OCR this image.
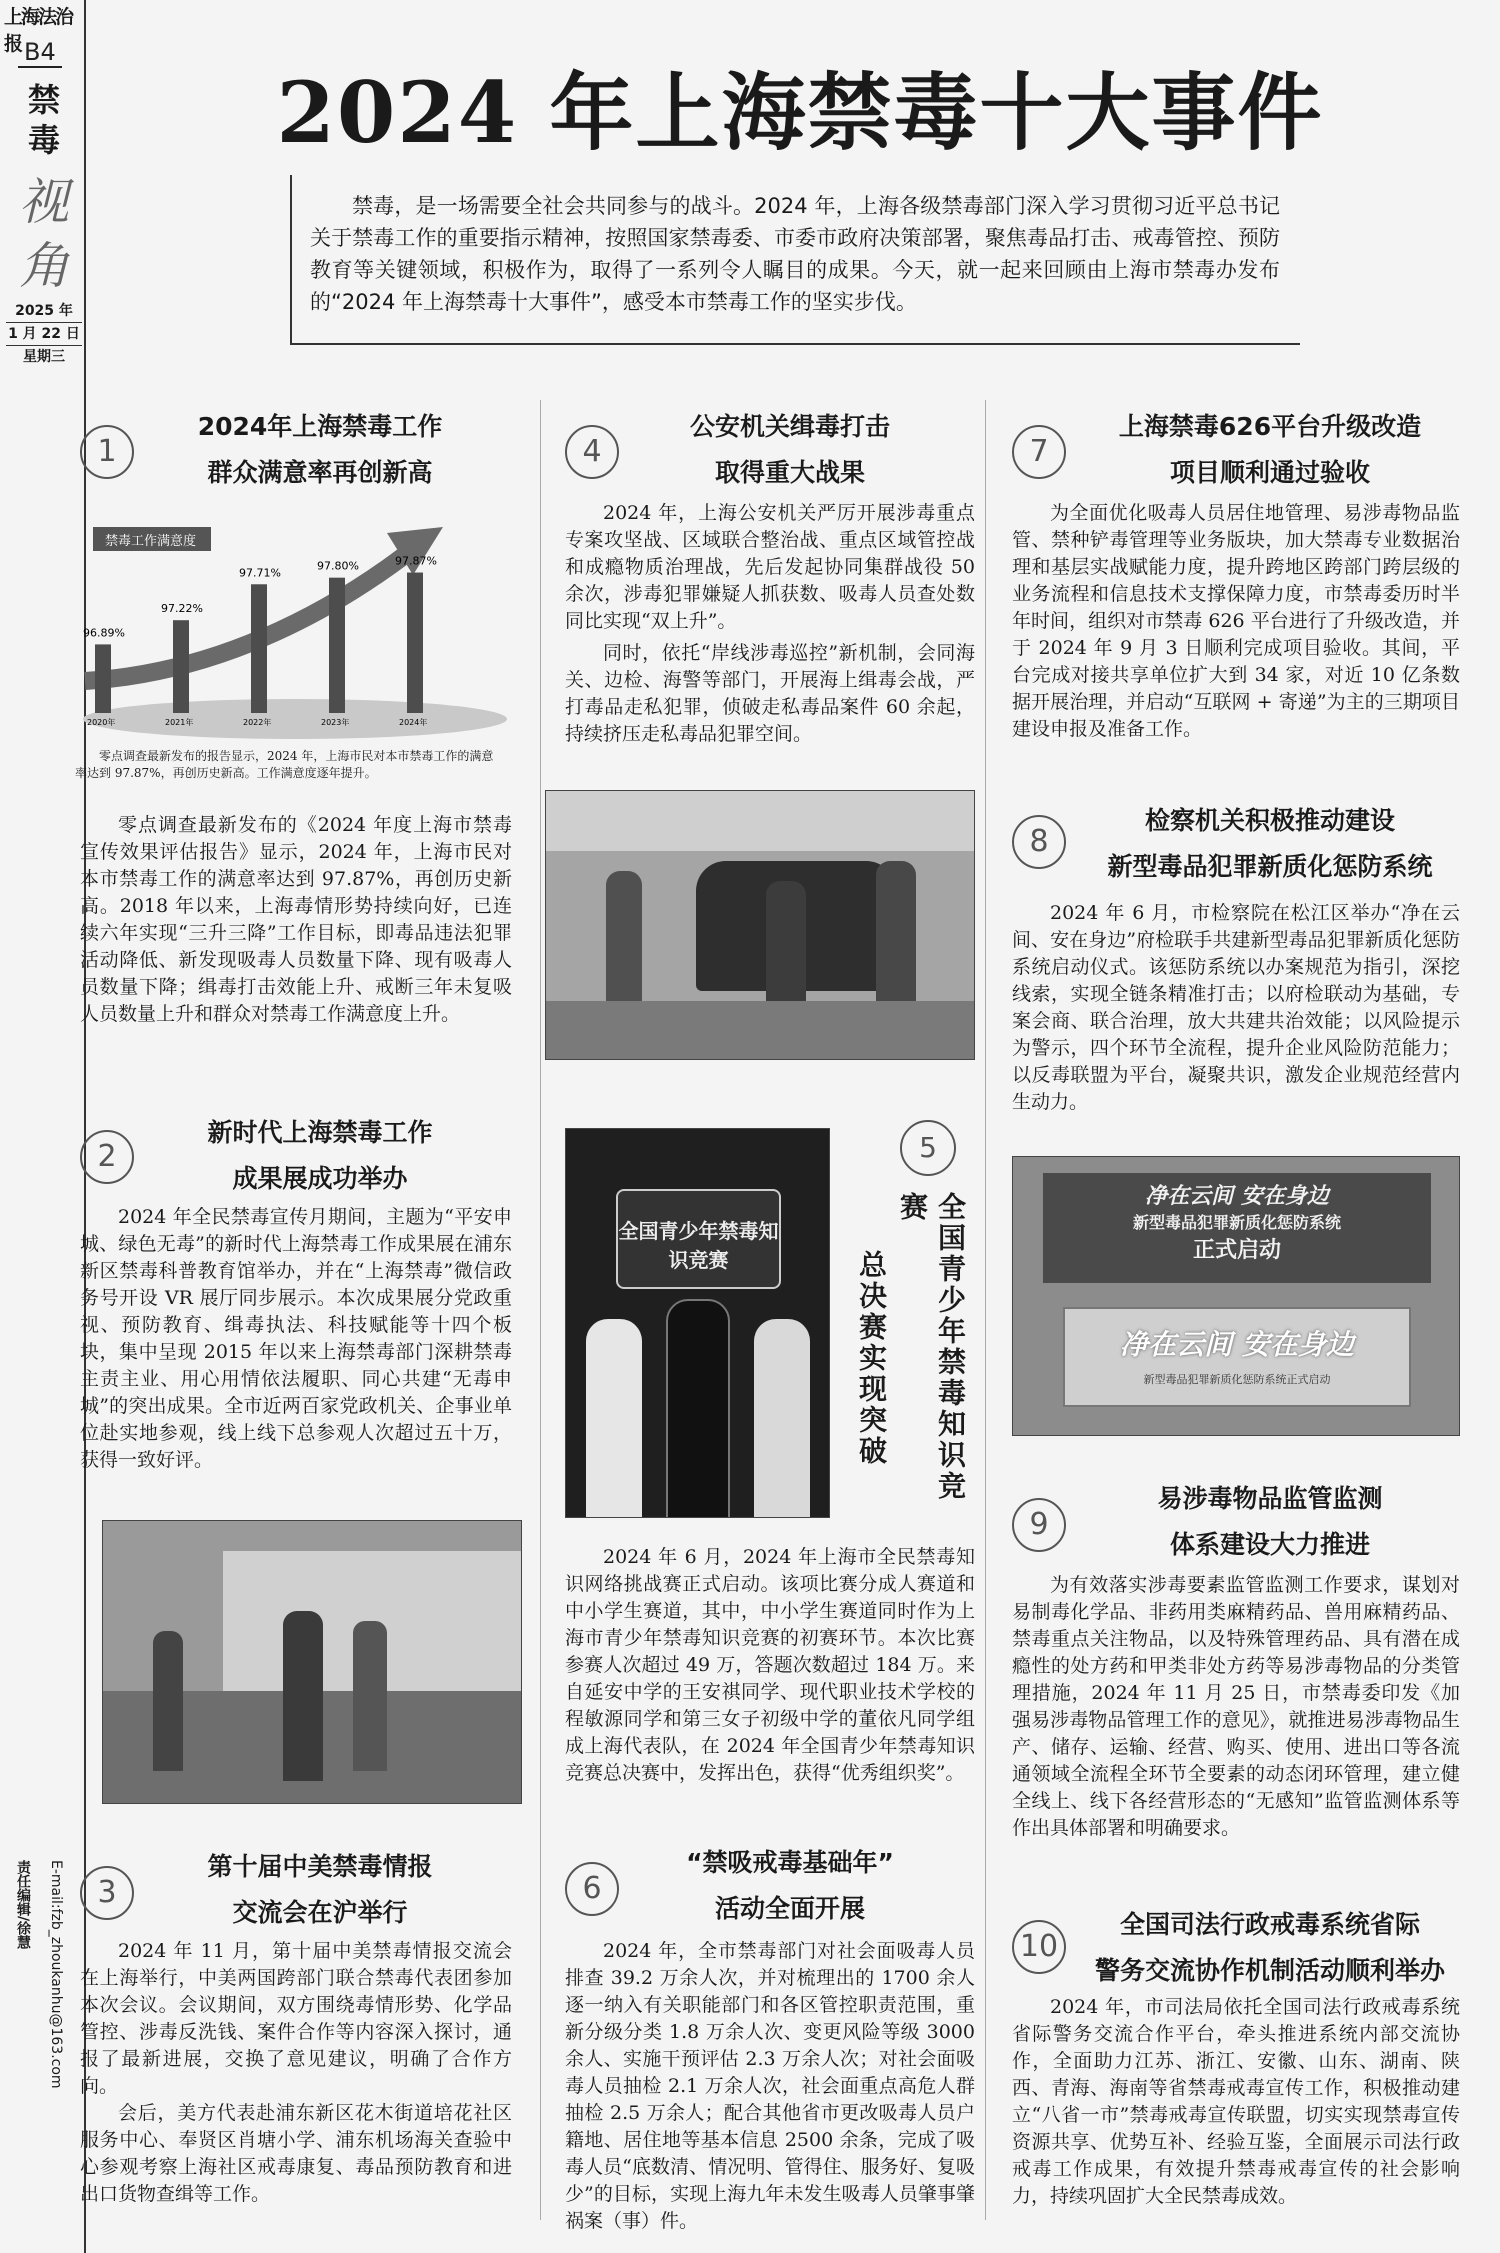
上海法治报 B4
禁毒
视角
2025 年
1 月 22 日
星期三
责任编辑/徐慧	E-mail:fzb_zhoukanhu@163.com
2024 年上海禁毒十大事件
禁毒，是一场需要全社会共同参与的战斗。2024 年，上海各级禁毒部门深入学习贯彻习近平总书记关于禁毒工作的重要指示精神，按照国家禁毒委、市委市政府决策部署，聚焦毒品打击、戒毒管控、预防教育等关键领域，积极作为，取得了一系列令人瞩目的成果。今天，就一起来回顾由上海市禁毒办发布的“2024 年上海禁毒十大事件”，感受本市禁毒工作的坚实步伐。
1
2024年上海禁毒工作
群众满意率再创新高
禁毒工作满意度
96.89%
2020年
97.22%
2021年
97.71%
2022年
97.80%
2023年
97.87%
2024年
零点调查最新发布的报告显示，2024 年，上海市民对本市禁毒工作的满意率达到 97.87%，再创历史新高。工作满意度逐年提升。
零点调查最新发布的《2024 年度上海市禁毒宣传效果评估报告》显示，2024 年，上海市民对本市禁毒工作的满意率达到 97.87%，再创历史新高。2018 年以来，上海毒情形势持续向好，已连续六年实现“三升三降”工作目标，即毒品违法犯罪活动降低、新发现吸毒人员数量下降、现有吸毒人员数量下降；缉毒打击效能上升、戒断三年未复吸人员数量上升和群众对禁毒工作满意度上升。
2
新时代上海禁毒工作
成果展成功举办
2024 年全民禁毒宣传月期间，主题为“平安申城、绿色无毒”的新时代上海禁毒工作成果展在浦东新区禁毒科普教育馆举办，并在“上海禁毒”微信政务号开设 VR 展厅同步展示。本次成果展分党政重视、预防教育、缉毒执法、科技赋能等十四个板块，集中呈现 2015 年以来上海禁毒部门深耕禁毒主责主业、用心用情依法履职、同心共建“无毒申城”的突出成果。全市近两百家党政机关、企事业单位赴实地参观，线上线下总参观人次超过五十万，获得一致好评。
3
第十届中美禁毒情报
交流会在沪举行
2024 年 11 月，第十届中美禁毒情报交流会在上海举行，中美两国跨部门联合禁毒代表团参加本次会议。会议期间，双方围绕毒情形势、化学品管控、涉毒反洗钱、案件合作等内容深入探讨，通报了最新进展，交换了意见建议，明确了合作方向。
会后，美方代表赴浦东新区花木街道培花社区服务中心、奉贤区肖塘小学、浦东机场海关查验中心参观考察上海社区戒毒康复、毒品预防教育和进出口货物查缉等工作。
4
公安机关缉毒打击
取得重大战果
2024 年，上海公安机关严厉开展涉毒重点专案攻坚战、区域联合整治战、重点区域管控战和成瘾物质治理战，先后发起协同集群战役 50 余次，涉毒犯罪嫌疑人抓获数、吸毒人员查处数同比实现“双上升”。
同时，依托“岸线涉毒巡控”新机制，会同海关、边检、海警等部门，开展海上缉毒会战，严打毒品走私犯罪，侦破走私毒品案件 60 余起，持续挤压走私毒品犯罪空间。
全国青少年禁毒知识竞赛
5
全国青少年禁毒知识竞赛
总决赛实现突破
2024 年 6 月，2024 年上海市全民禁毒知识网络挑战赛正式启动。该项比赛分成人赛道和中小学生赛道，其中，中小学生赛道同时作为上海市青少年禁毒知识竞赛的初赛环节。本次比赛参赛人次超过 49 万，答题次数超过 184 万。来自延安中学的王安祺同学、现代职业技术学校的程敏源同学和第三女子初级中学的董依凡同学组成上海代表队，在 2024 年全国青少年禁毒知识竞赛总决赛中，发挥出色，获得“优秀组织奖”。
6
“禁吸戒毒基础年”
活动全面开展
2024 年，全市禁毒部门对社会面吸毒人员排查 39.2 万余人次，并对梳理出的 1700 余人逐一纳入有关职能部门和各区管控职责范围，重新分级分类 1.8 万余人次、变更风险等级 3000 余人、实施干预评估 2.3 万余人次；对社会面吸毒人员抽检 2.1 万余人次，社会面重点高危人群抽检 2.5 万余人；配合其他省市更改吸毒人员户籍地、居住地等基本信息 2500 余条，完成了吸毒人员“底数清、情况明、管得住、服务好、复吸少”的目标，实现上海九年未发生吸毒人员肇事肇祸案（事）件。
7
上海禁毒626平台升级改造
项目顺利通过验收
为全面优化吸毒人员居住地管理、易涉毒物品监管、禁种铲毒管理等业务版块，加大禁毒专业数据治理和基层实战赋能力度，提升跨地区跨部门跨层级的业务流程和信息技术支撑保障力度，市禁毒委历时半年时间，组织对市禁毒 626 平台进行了升级改造，并于 2024 年 9 月 3 日顺利完成项目验收。其间，平台完成对接共享单位扩大到 34 家，对近 10 亿条数据开展治理，并启动“互联网 + 寄递”为主的三期项目建设申报及准备工作。
8
检察机关积极推动建设
新型毒品犯罪新质化惩防系统
2024 年 6 月，市检察院在松江区举办“净在云间、安在身边”府检联手共建新型毒品犯罪新质化惩防系统启动仪式。该惩防系统以办案规范为指引，深挖线索，实现全链条精准打击；以府检联动为基础，专案会商、联合治理，放大共建共治效能；以风险提示为警示，四个环节全流程，提升企业风险防范能力；以反毒联盟为平台，凝聚共识，激发企业规范经营内生动力。
净在云间 安在身边
新型毒品犯罪新质化惩防系统
正式启动
净在云间 安在身边
新型毒品犯罪新质化惩防系统正式启动
9
易涉毒物品监管监测
体系建设大力推进
为有效落实涉毒要素监管监测工作要求，谋划对易制毒化学品、非药用类麻精药品、兽用麻精药品、禁毒重点关注物品，以及特殊管理药品、具有潜在成瘾性的处方药和甲类非处方药等易涉毒物品的分类管理措施，2024 年 11 月 25 日，市禁毒委印发《加强易涉毒物品管理工作的意见》，就推进易涉毒物品生产、储存、运输、经营、购买、使用、进出口等各流通领域全流程全环节全要素的动态闭环管理，建立健全线上、线下各经营形态的“无感知”监管监测体系等作出具体部署和明确要求。
10
全国司法行政戒毒系统省际
警务交流协作机制活动顺利举办
2024 年，市司法局依托全国司法行政戒毒系统省际警务交流合作平台，牵头推进系统内部交流协作，全面助力江苏、浙江、安徽、山东、湖南、陕西、青海、海南等省禁毒戒毒宣传工作，积极推动建立“八省一市”禁毒戒毒宣传联盟，切实实现禁毒宣传资源共享、优势互补、经验互鉴，全面展示司法行政戒毒工作成果，有效提升禁毒戒毒宣传的社会影响力，持续巩固扩大全民禁毒成效。
